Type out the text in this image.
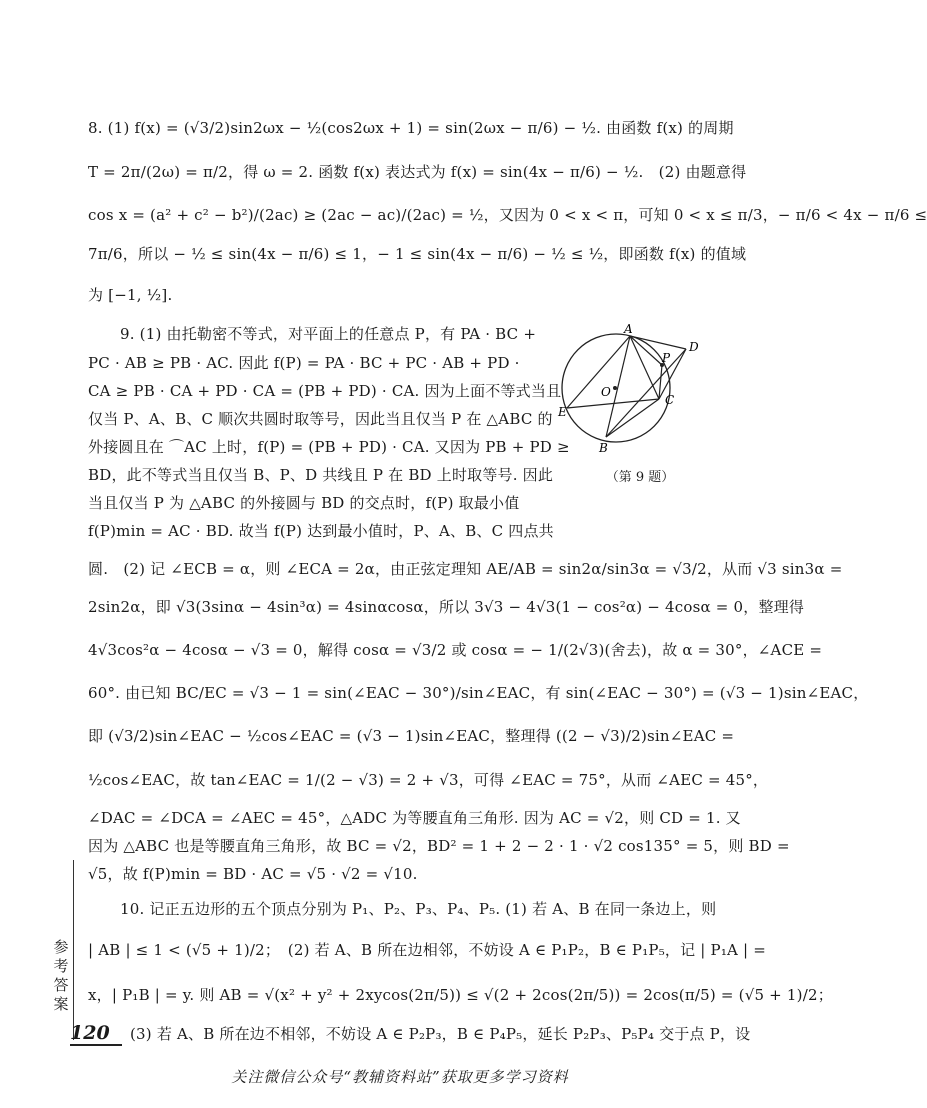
8. (1) f(x) = (√3/2)sin2ωx − ½(cos2ωx + 1) = sin(2ωx − π/6) − ½. 由函数 f(x) 的周期
T = 2π/(2ω) = π/2，得 ω = 2. 函数 f(x) 表达式为 f(x) = sin(4x − π/6) − ½.　(2) 由题意得
cos x = (a² + c² − b²)/(2ac) ≥ (2ac − ac)/(2ac) = ½，又因为 0 < x < π，可知 0 < x ≤ π/3，− π/6 < 4x − π/6 ≤
7π/6，所以 − ½ ≤ sin(4x − π/6) ≤ 1，− 1 ≤ sin(4x − π/6) − ½ ≤ ½，即函数 f(x) 的值域
为 [−1, ½].
9. (1) 由托勒密不等式，对平面上的任意点 P，有 PA · BC +
PC · AB ≥ PB · AC. 因此 f(P) = PA · BC + PC · AB + PD ·
CA ≥ PB · CA + PD · CA = (PB + PD) · CA. 因为上面不等式当且
仅当 P、A、B、C 顺次共圆时取等号，因此当且仅当 P 在 △ABC 的
外接圆且在 ⌒AC 上时，f(P) = (PB + PD) · CA. 又因为 PB + PD ≥
BD，此不等式当且仅当 B、P、D 共线且 P 在 BD 上时取等号. 因此
当且仅当 P 为 △ABC 的外接圆与 BD 的交点时，f(P) 取最小值
f(P)min = AC · BD. 故当 f(P) 达到最小值时，P、A、B、C 四点共
圆.　(2) 记 ∠ECB = α，则 ∠ECA = 2α，由正弦定理知 AE/AB = sin2α/sin3α = √3/2，从而 √3 sin3α =
2sin2α，即 √3(3sinα − 4sin³α) = 4sinαcosα，所以 3√3 − 4√3(1 − cos²α) − 4cosα = 0，整理得
4√3cos²α − 4cosα − √3 = 0，解得 cosα = √3/2 或 cosα = − 1/(2√3)(舍去)，故 α = 30°，∠ACE =
60°. 由已知 BC/EC = √3 − 1 = sin(∠EAC − 30°)/sin∠EAC，有 sin(∠EAC − 30°) = (√3 − 1)sin∠EAC，
即 (√3/2)sin∠EAC − ½cos∠EAC = (√3 − 1)sin∠EAC，整理得 ((2 − √3)/2)sin∠EAC =
½cos∠EAC，故 tan∠EAC = 1/(2 − √3) = 2 + √3，可得 ∠EAC = 75°，从而 ∠AEC = 45°，
∠DAC = ∠DCA = ∠AEC = 45°，△ADC 为等腰直角三角形. 因为 AC = √2，则 CD = 1. 又
因为 △ABC 也是等腰直角三角形，故 BC = √2，BD² = 1 + 2 − 2 · 1 · √2 cos135° = 5，则 BD =
√5，故 f(P)min = BD · AC = √5 · √2 = √10.
10. 记正五边形的五个顶点分别为 P₁、P₂、P₃、P₄、P₅. (1) 若 A、B 在同一条边上，则
| AB | ≤ 1 < (√5 + 1)/2；　(2) 若 A、B 所在边相邻，不妨设 A ∈ P₁P₂，B ∈ P₁P₅，记 | P₁A | =
x，| P₁B | = y. 则 AB = √(x² + y² + 2xycos(2π/5)) ≤ √(2 + 2cos(2π/5)) = 2cos(π/5) = (√5 + 1)/2；
(3) 若 A、B 所在边不相邻，不妨设 A ∈ P₂P₃，B ∈ P₄P₅，延长 P₂P₃、P₅P₄ 交于点 P，设
A
B
C
D
E
O
P
（第 9 题）
参考答案
120
关注微信公众号“教辅资料站”获取更多学习资料
